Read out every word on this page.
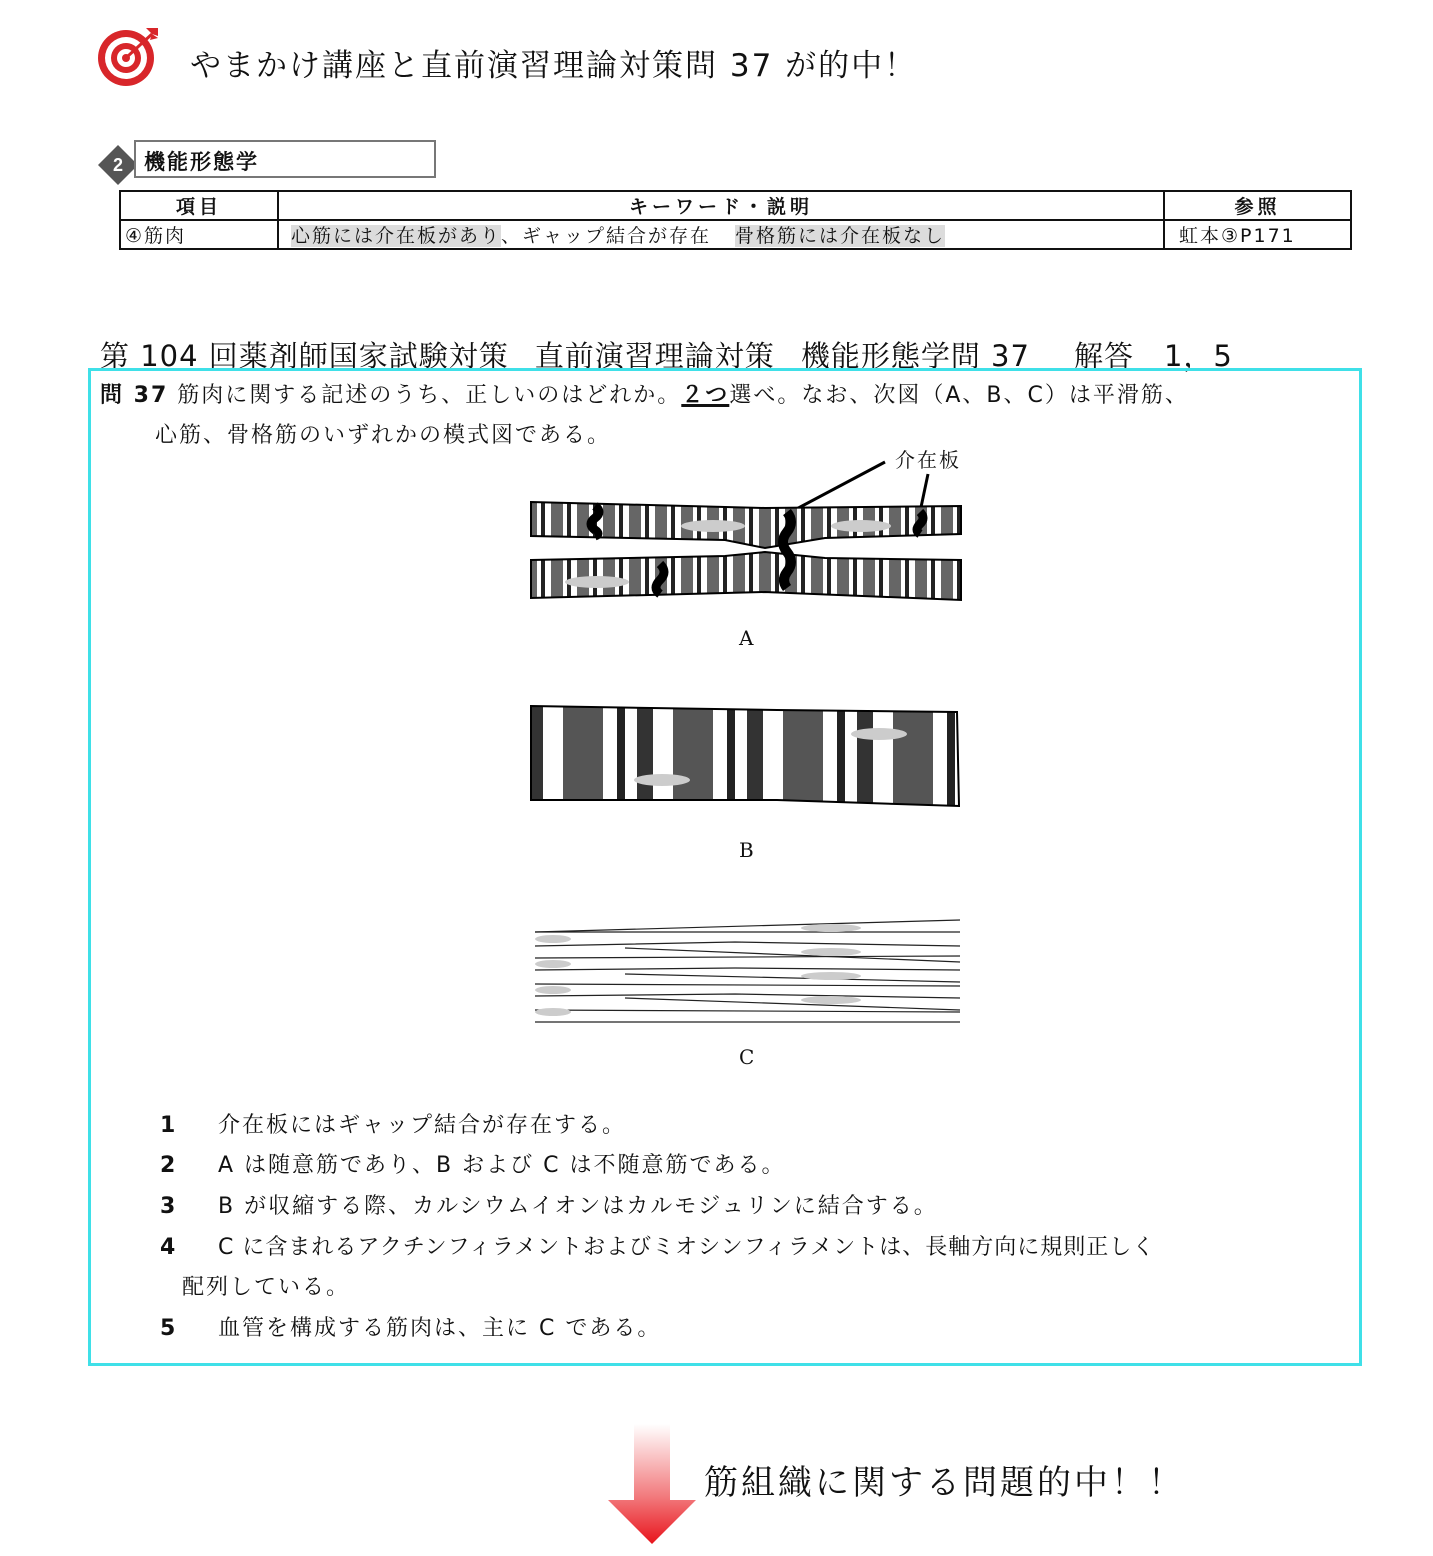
やまかけ講座と直前演習理論対策問 37 が的中！
2 機能形態学
項目	キーワード・説明	参照
④筋肉	心筋には介在板があり、ギャップ結合が存在 骨格筋には介在板なし	虹本③P171
第 104 回薬剤師国家試験対策 直前演習理論対策 機能形態学問 37 解答　1，5
問 37 筋肉に関する記述のうち、正しいのはどれか。２つ選べ。なお、次図（A、B、C）は平滑筋、
心筋、骨格筋のいずれかの模式図である。
介在板
A
B
C
1 介在板にはギャップ結合が存在する。
2 A は随意筋であり、B および C は不随意筋である。
3 B が収縮する際、カルシウムイオンはカルモジュリンに結合する。
4 C に含まれるアクチンフィラメントおよびミオシンフィラメントは、長軸方向に規則正しく
配列している。
5 血管を構成する筋肉は、主に C である。
筋組織に関する問題的中！！
